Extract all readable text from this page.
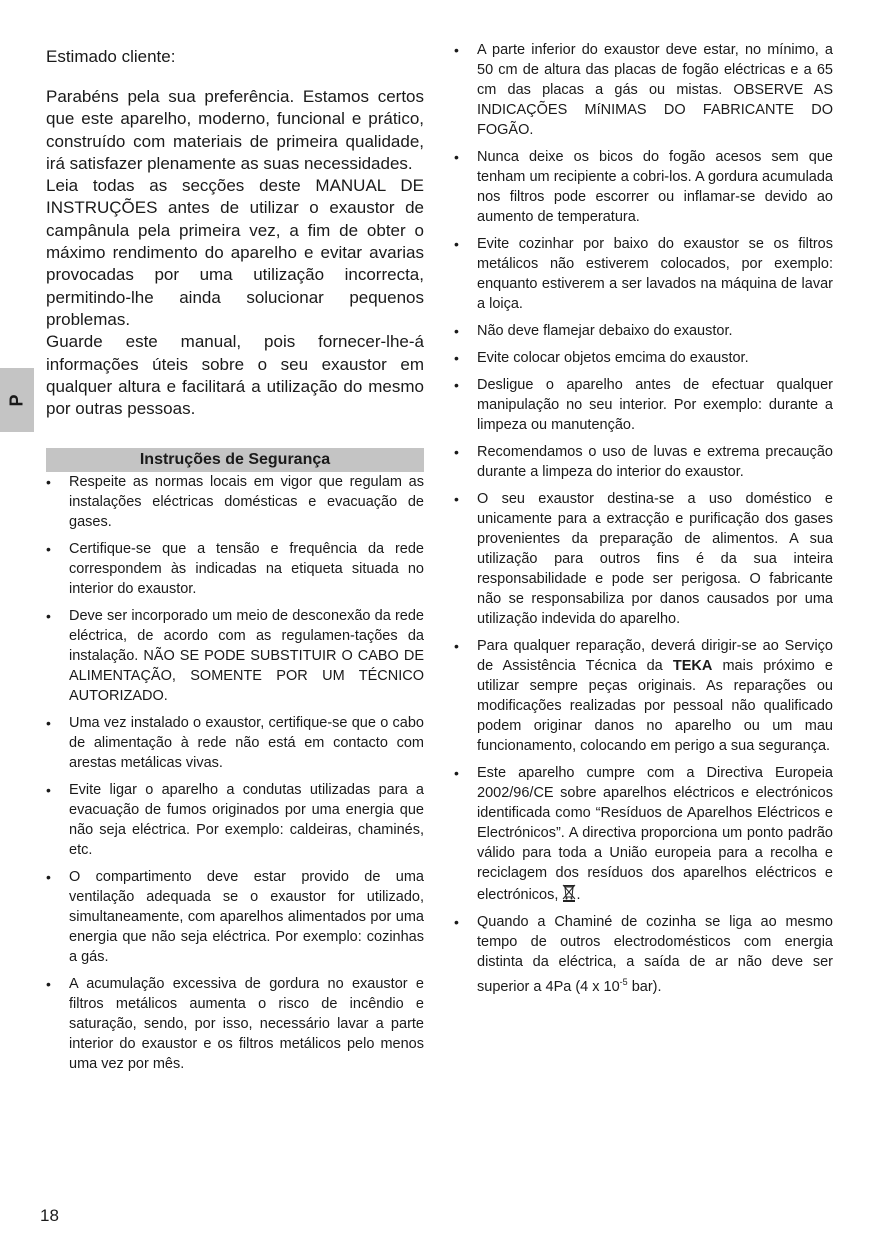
P

Estimado cliente:

Parabéns pela sua preferência. Estamos certos que este aparelho, moderno, funcional e prático, construído com materiais de primeira qualidade, irá satisfazer plenamente as suas necessidades.

Leia todas as secções deste MANUAL DE INSTRUÇÕES antes de utilizar o exaustor de campânula pela primeira vez, a fim de obter o máximo rendimento do aparelho e evitar avarias provocadas por uma utilização incorrecta, permitindo-lhe ainda solucionar pequenos problemas.

Guarde este manual, pois fornecer-lhe-á informações úteis sobre o seu exaustor em qualquer altura e facilitará a utilização do mesmo por outras pessoas.

Instruções de Segurança
• Respeite as normas locais em vigor que regulam as instalações eléctricas domésticas e evacuação de gases.
• Certifique-se que a tensão e frequência da rede correspondem às indicadas na etiqueta situada no interior do exaustor.
• Deve ser incorporado um meio de desconexão da rede eléctrica, de acordo com as regulamen-tações da instalação. NÃO SE PODE SUBSTITUIR O CABO DE ALIMENTAÇÃO, SOMENTE POR UM TÉCNICO AUTORIZADO.
• Uma vez instalado o exaustor, certifique-se que o cabo de alimentação à rede não está em contacto com arestas metálicas vivas.
• Evite ligar o aparelho a condutas utilizadas para a evacuação de fumos originados por uma energia que não seja eléctrica. Por exemplo: caldeiras, chaminés, etc.
• O compartimento deve estar provido de uma ventilação adequada se o exaustor for utilizado, simultaneamente, com aparelhos alimentados por uma energia que não seja eléctrica. Por exemplo: cozinhas a gás.
• A acumulação excessiva de gordura no exaustor e filtros metálicos aumenta o risco de incêndio e saturação, sendo, por isso, necessário lavar a parte interior do exaustor e os filtros metálicos pelo menos uma vez por mês.
• A parte inferior do exaustor deve estar, no mínimo, a 50 cm de altura das placas de fogão eléctricas e a 65 cm das placas a gás ou mistas. OBSERVE AS INDICAÇÕES MíNIMAS DO FABRICANTE DO FOGÃO.
• Nunca deixe os bicos do fogão acesos sem que tenham um recipiente a cobri-los. A gordura acumulada nos filtros pode escorrer ou inflamar-se devido ao aumento de temperatura.
• Evite cozinhar por baixo do exaustor se os filtros metálicos não estiverem colocados, por exemplo: enquanto estiverem a ser lavados na máquina de lavar a loiça.
• Não deve flamejar debaixo do exaustor.
• Evite colocar objetos emcima do exaustor.
• Desligue o aparelho antes de efectuar qualquer manipulação no seu interior. Por exemplo: durante a limpeza ou manutenção.
• Recomendamos o uso de luvas e extrema precaução durante a limpeza do interior do exaustor.
• O seu exaustor destina-se a uso doméstico e unicamente para a extracção e purificação dos gases provenientes da preparação de alimentos. A sua utilização para outros fins é da sua inteira responsabilidade e pode ser perigosa. O fabricante não se responsabiliza por danos causados por uma utilização indevida do aparelho.
• Para qualquer reparação, deverá dirigir-se ao Serviço de Assistência Técnica da TEKA mais próximo e utilizar sempre peças originais. As reparações ou modificações realizadas por pessoal não qualificado podem originar danos no aparelho ou um mau funcionamento, colocando em perigo a sua segurança.
• Este aparelho cumpre com a Directiva Europeia 2002/96/CE sobre aparelhos eléctricos e electrónicos identificada como “Resíduos de Aparelhos Eléctricos e Electrónicos”. A directiva proporciona um ponto padrão válido para toda a União europeia para a recolha e reciclagem dos resíduos dos aparelhos eléctricos e electrónicos, .
• Quando a Chaminé de cozinha se liga ao mesmo tempo de outros electrodomésticos com energia distinta da eléctrica, a saída de ar não deve ser superior a 4Pa (4 x $10^{-5}$ bar).
18
